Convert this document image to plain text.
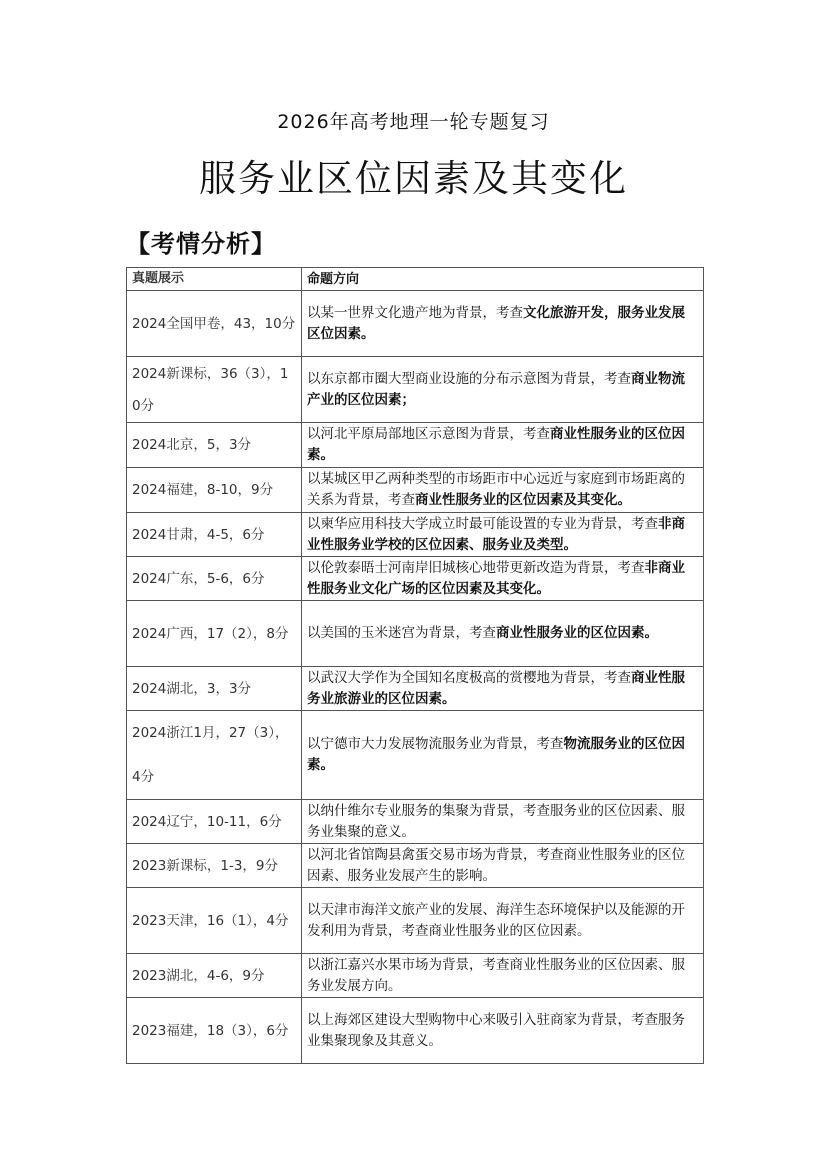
2026年高考地理一轮专题复习
服务业区位因素及其变化
【考情分析】
真题展示	命题方向
2024全国甲卷，43，10分	以某一世界文化遗产地为背景，考查文化旅游开发，服务业发展区位因素。
2024新课标，36（3），10分	以东京都市圈大型商业设施的分布示意图为背景，考查商业物流产业的区位因素；
2024北京，5，3分	以河北平原局部地区示意图为背景，考查商业性服务业的区位因素。
2024福建，8-10，9分	以某城区甲乙两种类型的市场距市中心远近与家庭到市场距离的关系为背景，考查商业性服务业的区位因素及其变化。
2024甘肃，4-5，6分	以柬华应用科技大学成立时最可能设置的专业为背景，考查非商业性服务业学校的区位因素、服务业及类型。
2024广东，5-6，6分	以伦敦泰晤士河南岸旧城核心地带更新改造为背景，考查非商业性服务业文化广场的区位因素及其变化。
2024广西，17（2），8分	以美国的玉米迷宫为背景，考查商业性服务业的区位因素。
2024湖北，3，3分	以武汉大学作为全国知名度极高的赏樱地为背景，考查商业性服务业旅游业的区位因素。
2024浙江1月，27（3），4分	以宁德市大力发展物流服务业为背景，考查物流服务业的区位因素。
2024辽宁，10-11，6分	以纳什维尔专业服务的集聚为背景，考查服务业的区位因素、服务业集聚的意义。
2023新课标，1-3，9分	以河北省馆陶县禽蛋交易市场为背景，考查商业性服务业的区位因素、服务业发展产生的影响。
2023天津，16（1），4分	以天津市海洋文旅产业的发展、海洋生态环境保护以及能源的开发利用为背景，考查商业性服务业的区位因素。
2023湖北，4-6，9分	以浙江嘉兴水果市场为背景，考查商业性服务业的区位因素、服务业发展方向。
2023福建，18（3），6分	以上海郊区建设大型购物中心来吸引入驻商家为背景，考查服务业集聚现象及其意义。
